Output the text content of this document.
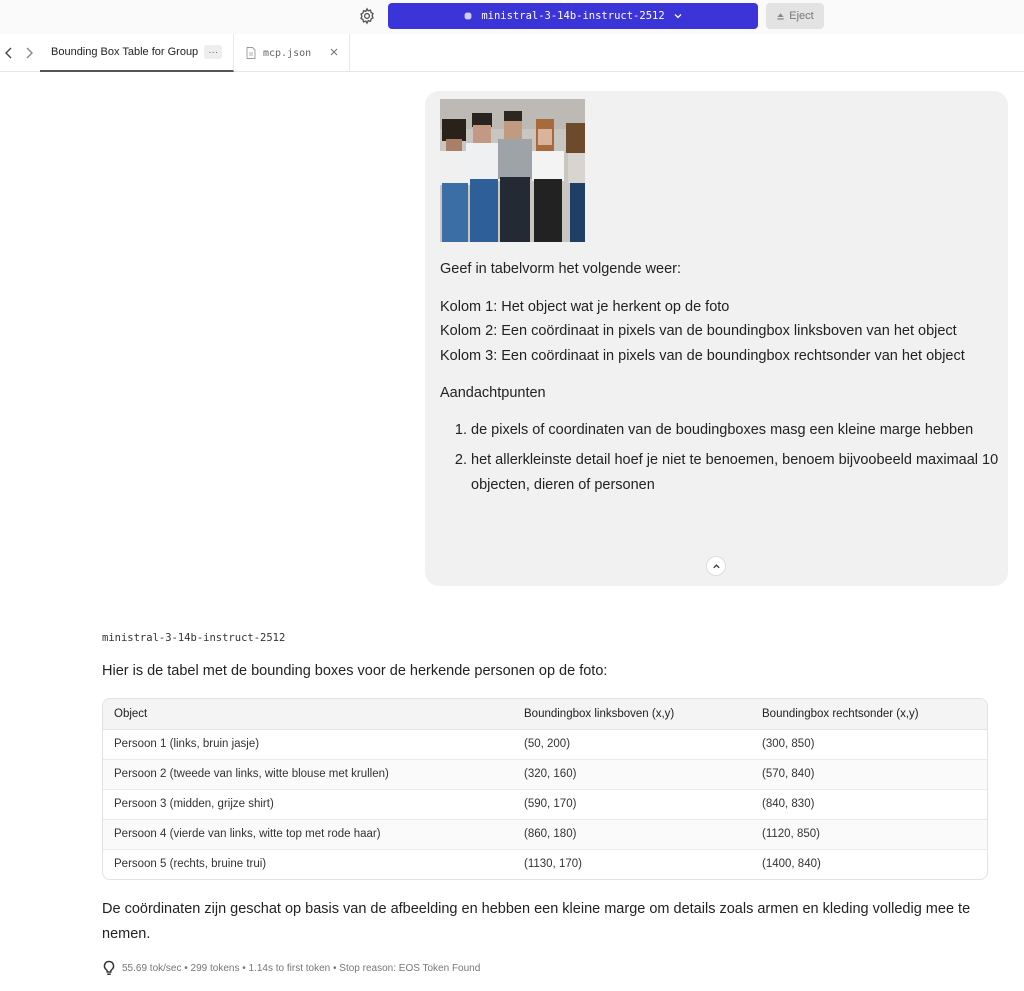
ministral-3-14b-instruct-2512	Eject
Bounding Box Table for Group	···	mcp.json

Geef in tabelvorm het volgende weer:

Kolom 1: Het object wat je herkent op de foto
Kolom 2: Een coördinaat in pixels van de boundingbox linksboven van het object
Kolom 3: Een coördinaat in pixels van de boundingbox rechtsonder van het object

Aandachtpunten

1. de pixels of coordinaten van de boudingboxes masg een kleine marge hebben
2. het allerkleinste detail hoef je niet te benoemen, benoem bijvoobeeld maximaal 10 objecten, dieren of personen
ministral-3-14b-instruct-2512
Hier is de tabel met de bounding boxes voor de herkende personen op de foto:
Object	Boundingbox linksboven (x,y)	Boundingbox rechtsonder (x,y)
Persoon 1 (links, bruin jasje)	(50, 200)	(300, 850)
Persoon 2 (tweede van links, witte blouse met krullen)	(320, 160)	(570, 840)
Persoon 3 (midden, grijze shirt)	(590, 170)	(840, 830)
Persoon 4 (vierde van links, witte top met rode haar)	(860, 180)	(1120, 850)
Persoon 5 (rechts, bruine trui)	(1130, 170)	(1400, 840)
De coördinaten zijn geschat op basis van de afbeelding en hebben een kleine marge om details zoals armen en kleding volledig mee te nemen.
55.69 tok/sec • 299 tokens • 1.14s to first token • Stop reason: EOS Token Found
